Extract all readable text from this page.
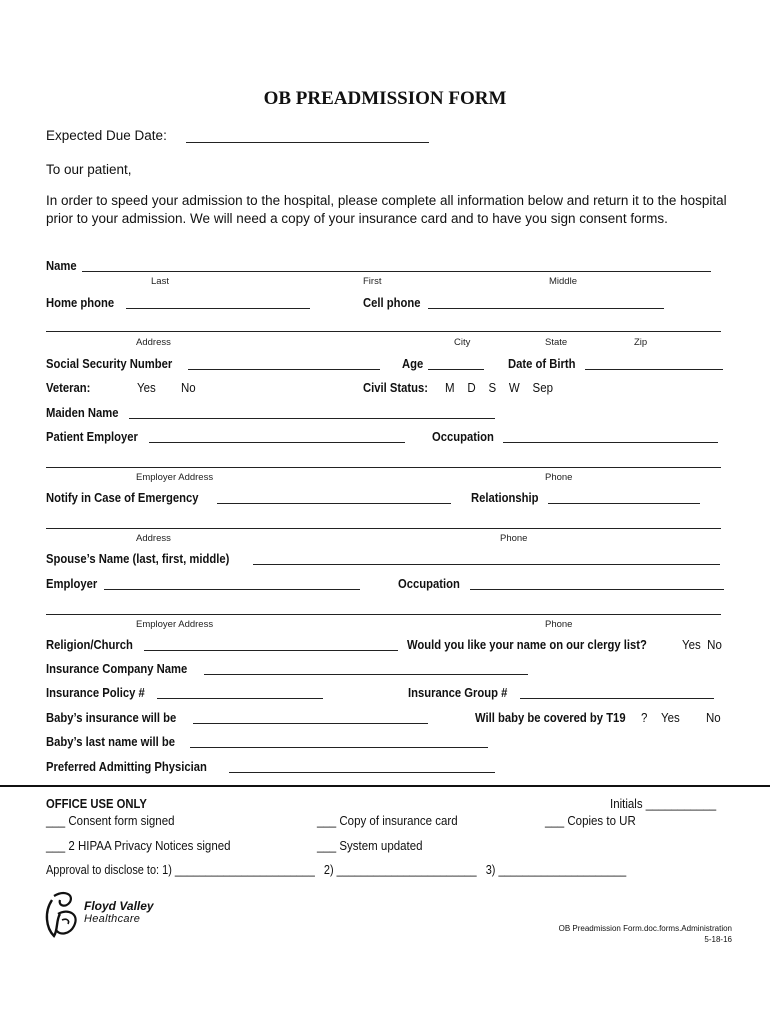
OB PREADMISSION FORM
Expected Due Date:
To our patient,
In order to speed your admission to the hospital, please complete all information below and return it to the hospital prior to your admission. We will need a copy of your insurance card and to have you sign consent forms.
Name
Last	First	Middle
Home phone	Cell phone
Address	City	State	Zip
Social Security Number	Age	Date of Birth
Veteran:	Yes No	Civil Status: M    D    S    W    Sep
Maiden Name
Patient Employer	Occupation
Employer Address	Phone
Notify in Case of Emergency	Relationship
Address	Phone
Spouse’s Name (last, first, middle)
Employer	Occupation
Employer Address	Phone
Religion/Church	Would you like your name on our clergy list?	Yes  No
Insurance Company Name
Insurance Policy #	Insurance Group #
Baby’s insurance will be	Will baby be covered by T19 ? Yes No
Baby’s last name will be
Preferred Admitting Physician
OFFICE USE ONLY	Initials ___________
___ Consent form signed	___ Copy of insurance card	___ Copies to UR
___ 2 HIPAA Privacy Notices signed	___ System updated
Approval to disclose to: 1) _______________________   2) _______________________   3) _____________________
Floyd Valley
Healthcare
OB Preadmission Form.doc.forms.Administration
5-18-16
